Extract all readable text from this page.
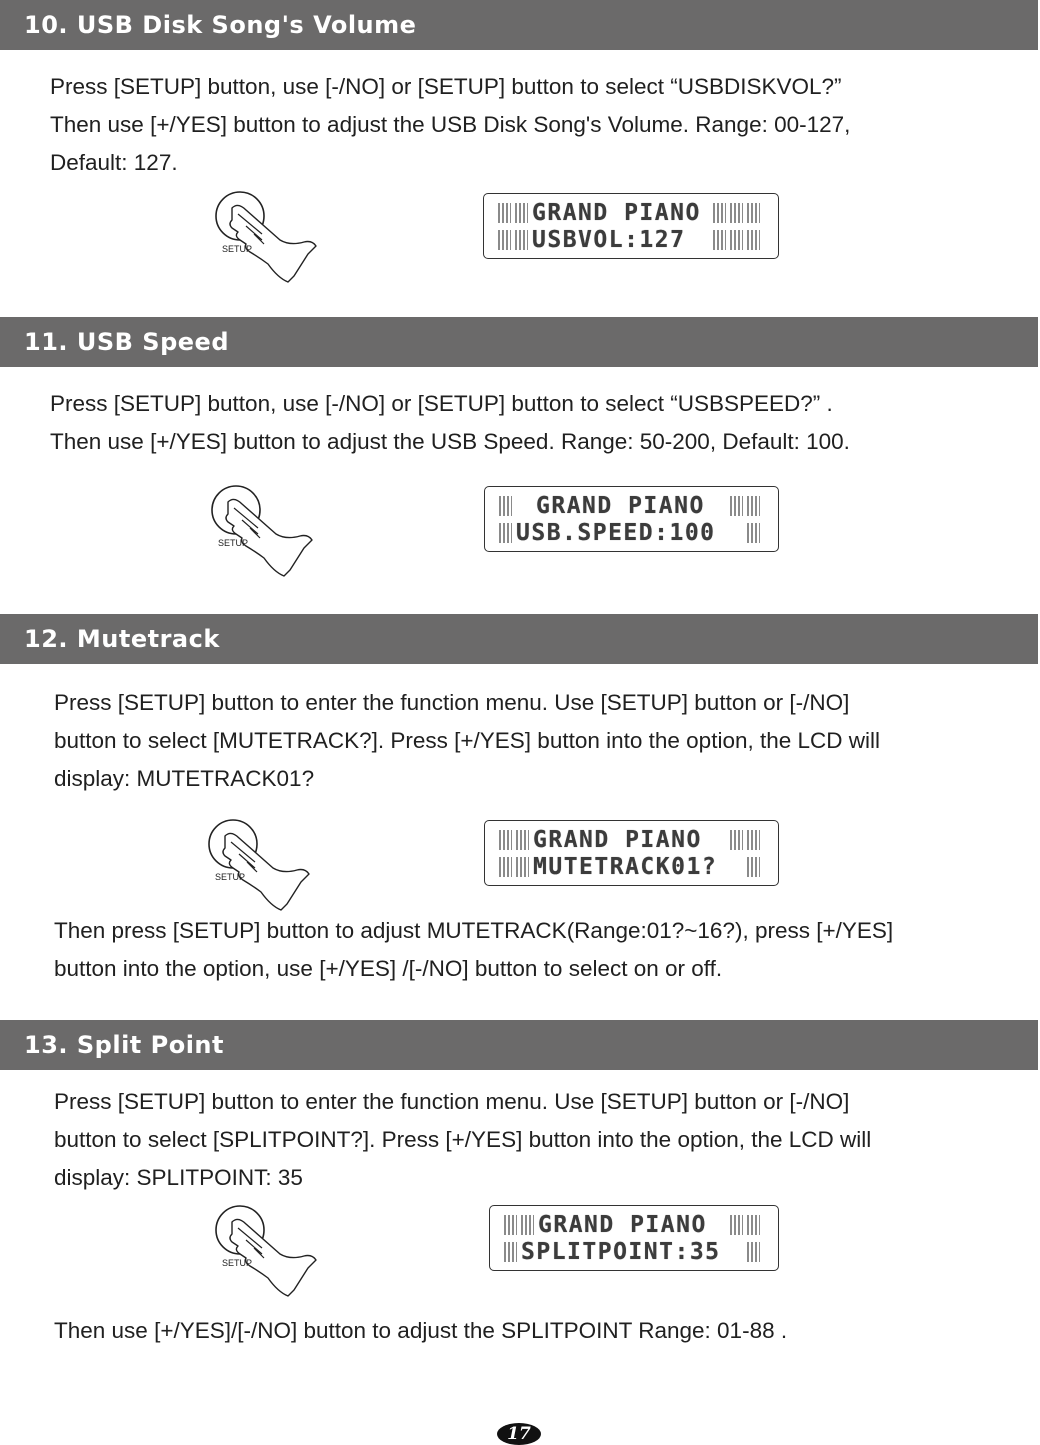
10. USB Disk Song's Volume

Press [SETUP] button, use [-/NO] or [SETUP] button to select “USBDISKVOL?”

Then use [+/YES] button to adjust the USB Disk Song's Volume. Range: 00-127,

Default: 127.

SETUP
GRAND PIANO
USBVOL:127
11. USB Speed

Press [SETUP] button, use [-/NO] or [SETUP] button to select “USBSPEED?” .

Then use [+/YES] button to adjust the USB Speed. Range: 50-200, Default: 100.

SETUP
GRAND PIANO
USB.SPEED:100
12. Mutetrack

Press [SETUP] button to enter the function menu. Use [SETUP] button or [-/NO]

button to select [MUTETRACK?]. Press [+/YES] button into the option, the LCD will

display: MUTETRACK01?

SETUP
GRAND PIANO
MUTETRACK01?

Then press [SETUP] button to adjust MUTETRACK(Range:01?~16?), press [+/YES]

button into the option, use [+/YES] /[-/NO] button to select on or off.

13. Split Point

Press [SETUP] button to enter the function menu. Use [SETUP] button or [-/NO]

button to select [SPLITPOINT?]. Press [+/YES] button into the option, the LCD will

display: SPLITPOINT: 35

SETUP
GRAND PIANO
SPLITPOINT:35

Then use [+/YES]/[-/NO] button to adjust the SPLITPOINT Range: 01-88 .

17
